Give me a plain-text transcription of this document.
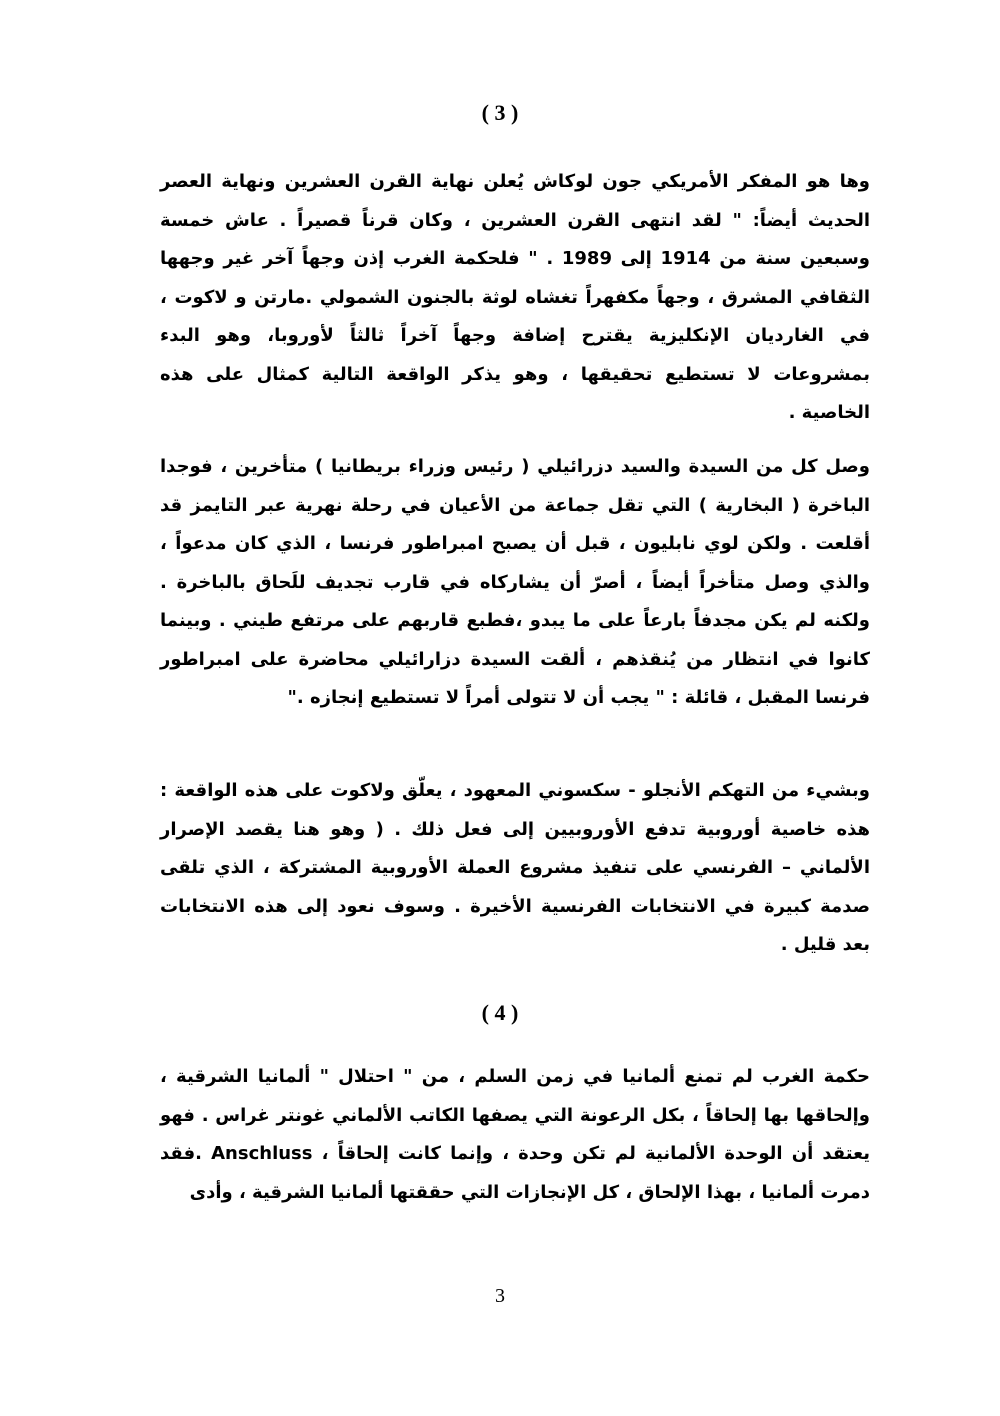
( 3 )

وها هو المفكر الأمريكي جون لوكاش يُعلن نهاية القرن العشرين ونهاية العصر الحديث أيضاً: " لقد انتهى القرن العشرين ، وكان قرناً قصيراً . عاش خمسة وسبعين سنة من 1914 إلى 1989 . " فلحكمة الغرب إذن وجهاً آخر غير وجهها الثقافي المشرق ، وجهاً مكفهراً تغشاه لوثة بالجنون الشمولي .مارتن و لاكوت ، في الغارديان الإنكليزية يقترح إضافة وجهاً آخراً ثالثاً لأوروبا، وهو البدء بمشروعات لا تستطيع تحقيقها ، وهو يذكر الواقعة التالية كمثال على هذه الخاصية .

وصل كل من السيدة والسيد دزرائيلي ( رئيس وزراء بريطانيا ) متأخرين ، فوجدا الباخرة ( البخارية ) التي تقل جماعة من الأعيان في رحلة نهرية عبر التايمز قد أقلعت . ولكن لوي نابليون ، قبل أن يصبح امبراطور فرنسا ، الذي كان مدعواً ، والذي وصل متأخراً أيضاً ، أصرّ أن يشاركاه في قارب تجديف للَحاق بالباخرة . ولكنه لم يكن مجدفاً بارعاً على ما يبدو ،فطبع قاربهم على مرتفع طيني . وبينما كانوا في انتظار من يُنقذهم ، ألقت السيدة دزارائيلي محاضرة على امبراطور فرنسا المقبل ، قائلة : " يجب أن لا تتولى أمراً لا تستطيع إنجازه ."

وبشيء من التهكم الأنجلو - سكسوني المعهود ، يعلّق ولاكوت على هذه الواقعة : هذه خاصية أوروبية تدفع الأوروبيين إلى فعل ذلك . ( وهو هنا يقصد الإصرار الألماني – الفرنسي على تنفيذ مشروع العملة الأوروبية المشتركة ، الذي تلقى صدمة كبيرة في الانتخابات الفرنسية الأخيرة . وسوف نعود إلى هذه الانتخابات بعد قليل .

( 4 )

حكمة الغرب لم تمنع ألمانيا في زمن السلم ، من " احتلال " ألمانيا الشرقية ، وإلحاقها بها إلحاقاً ، بكل الرعونة التي يصفها الكاتب الألماني غونتر غراس . فهو يعتقد أن الوحدة الألمانية لم تكن وحدة ، وإنما كانت إلحاقاً ، Anschluss .فقد دمرت ألمانيا ، بهذا الإلحاق ، كل الإنجازات التي حققتها ألمانيا الشرقية ، وأدى

3
